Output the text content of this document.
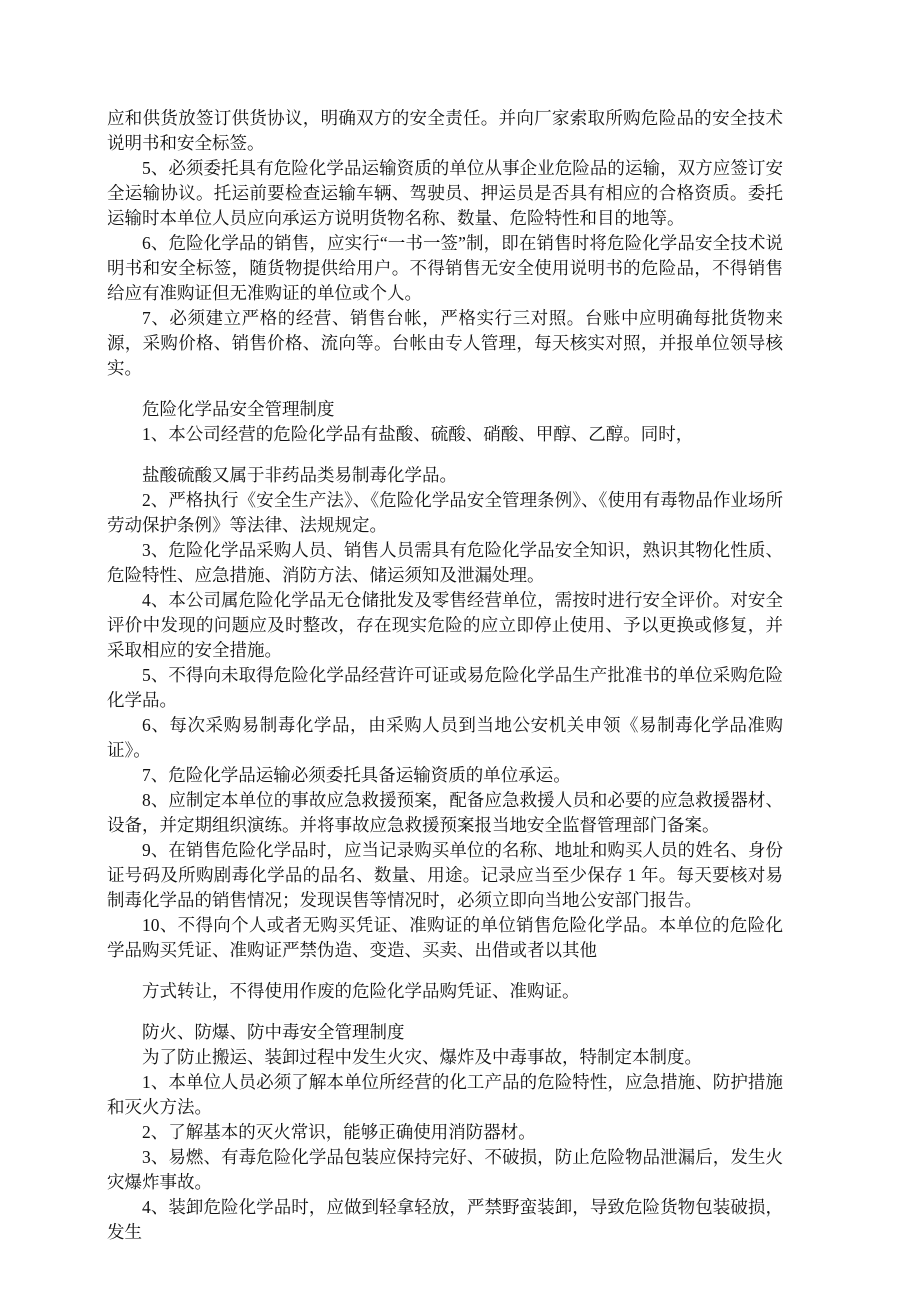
应和供货放签订供货协议，明确双方的安全责任。并向厂家索取所购危险品的安全技术说明书和安全标签。

5、必须委托具有危险化学品运输资质的单位从事企业危险品的运输，双方应签订安全运输协议。托运前要检查运输车辆、驾驶员、押运员是否具有相应的合格资质。委托运输时本单位人员应向承运方说明货物名称、数量、危险特性和目的地等。

6、危险化学品的销售，应实行“一书一签”制，即在销售时将危险化学品安全技术说明书和安全标签，随货物提供给用户。不得销售无安全使用说明书的危险品，不得销售给应有准购证但无准购证的单位或个人。

7、必须建立严格的经营、销售台帐，严格实行三对照。台账中应明确每批货物来源，采购价格、销售价格、流向等。台帐由专人管理，每天核实对照，并报单位领导核实。

危险化学品安全管理制度

1、本公司经营的危险化学品有盐酸、硫酸、硝酸、甲醇、乙醇。同时，

盐酸硫酸又属于非药品类易制毒化学品。

2、严格执行《安全生产法》、《危险化学品安全管理条例》、《使用有毒物品作业场所劳动保护条例》等法律、法规规定。

3、危险化学品采购人员、销售人员需具有危险化学品安全知识，熟识其物化性质、危险特性、应急措施、消防方法、储运须知及泄漏处理。

4、本公司属危险化学品无仓储批发及零售经营单位，需按时进行安全评价。对安全评价中发现的问题应及时整改，存在现实危险的应立即停止使用、予以更换或修复，并采取相应的安全措施。

5、不得向未取得危险化学品经营许可证或易危险化学品生产批准书的单位采购危险化学品。

6、每次采购易制毒化学品，由采购人员到当地公安机关申领《易制毒化学品准购证》。

7、危险化学品运输必须委托具备运输资质的单位承运。

8、应制定本单位的事故应急救援预案，配备应急救援人员和必要的应急救援器材、设备，并定期组织演练。并将事故应急救援预案报当地安全监督管理部门备案。

9、在销售危险化学品时，应当记录购买单位的名称、地址和购买人员的姓名、身份证号码及所购剧毒化学品的品名、数量、用途。记录应当至少保存 1 年。每天要核对易制毒化学品的销售情况；发现误售等情况时，必须立即向当地公安部门报告。

10、不得向个人或者无购买凭证、准购证的单位销售危险化学品。本单位的危险化学品购买凭证、准购证严禁伪造、变造、买卖、出借或者以其他

方式转让，不得使用作废的危险化学品购凭证、准购证。

防火、防爆、防中毒安全管理制度

为了防止搬运、装卸过程中发生火灾、爆炸及中毒事故，特制定本制度。

1、本单位人员必须了解本单位所经营的化工产品的危险特性，应急措施、防护措施和灭火方法。

2、了解基本的灭火常识，能够正确使用消防器材。

3、易燃、有毒危险化学品包装应保持完好、不破损，防止危险物品泄漏后，发生火灾爆炸事故。

4、装卸危险化学品时，应做到轻拿轻放，严禁野蛮装卸，导致危险货物包装破损，发生
